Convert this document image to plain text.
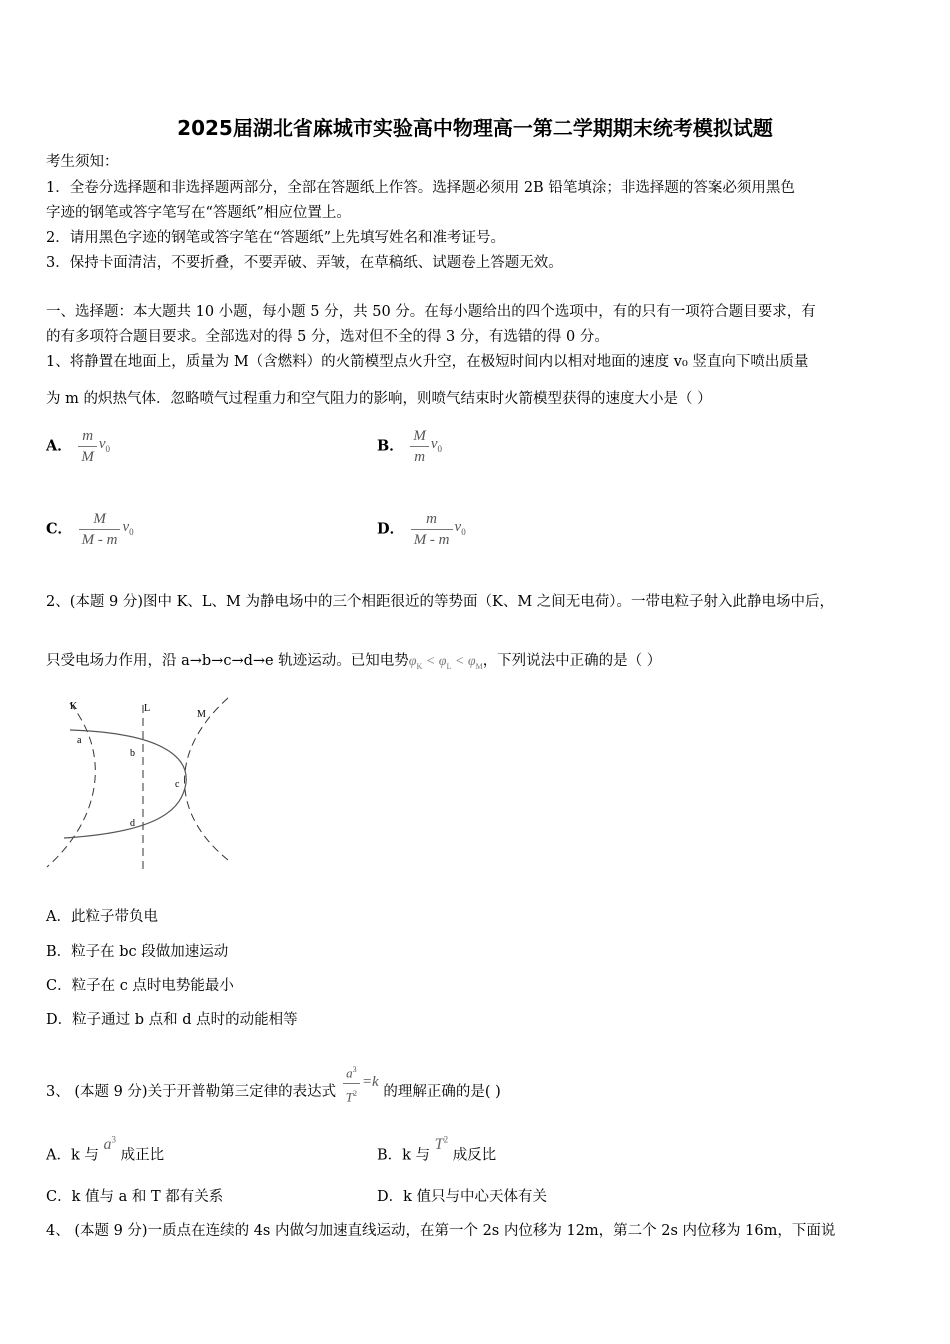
2025届湖北省麻城市实验高中物理高一第二学期期末统考模拟试题
考生须知：
1．全卷分选择题和非选择题两部分，全部在答题纸上作答。选择题必须用 2B 铅笔填涂；非选择题的答案必须用黑色
字迹的钢笔或答字笔写在“答题纸”相应位置上。
2．请用黑色字迹的钢笔或答字笔在“答题纸”上先填写姓名和准考证号。
3．保持卡面清洁，不要折叠，不要弄破、弄皱，在草稿纸、试题卷上答题无效。
一、选择题：本大题共 10 小题，每小题 5 分，共 50 分。在每小题给出的四个选项中，有的只有一项符合题目要求，有
的有多项符合题目要求。全部选对的得 5 分，选对但不全的得 3 分，有选错的得 0 分。
1、将静置在地面上，质量为 M（含燃料）的火箭模型点火升空，在极短时间内以相对地面的速度 v₀ 竖直向下喷出质量
为 m 的炽热气体．忽略喷气过程重力和空气阻力的影响，则喷气结束时火箭模型获得的速度大小是（ ）
A． $\frac{m}{M} v_0$	B． $\frac{M}{m} v_0$
C． $\frac{M}{M - m} v_0$	D． $\frac{m}{M - m} v_0$
2、(本题 9 分)图中 K、L、M 为静电场中的三个相距很近的等势面（K、M 之间无电荷）。一带电粒子射入此静电场中后，
只受电场力作用，沿 a→b→c→d→e 轨迹运动。已知电势$\varphi_K < \varphi_L < \varphi_M$，下列说法中正确的是（ ）
K	L
M
a
b
c
d
A．此粒子带负电
B．粒子在 bc 段做加速运动
C．粒子在 c 点时电势能最小
D．粒子通过 b 点和 d 点时的动能相等
3、 (本题 9 分)关于开普勒第三定律的表达式 $\frac{a^3}{T^2} =k$ 的理解正确的是( )
A．k 与 $a^3$ 成正比	B．k 与 $T^2$ 成反比
C．k 值与 a 和 T 都有关系	D．k 值只与中心天体有关
4、 (本题 9 分)一质点在连续的 4s 内做匀加速直线运动，在第一个 2s 内位移为 12m，第二个 2s 内位移为 16m，下面说
